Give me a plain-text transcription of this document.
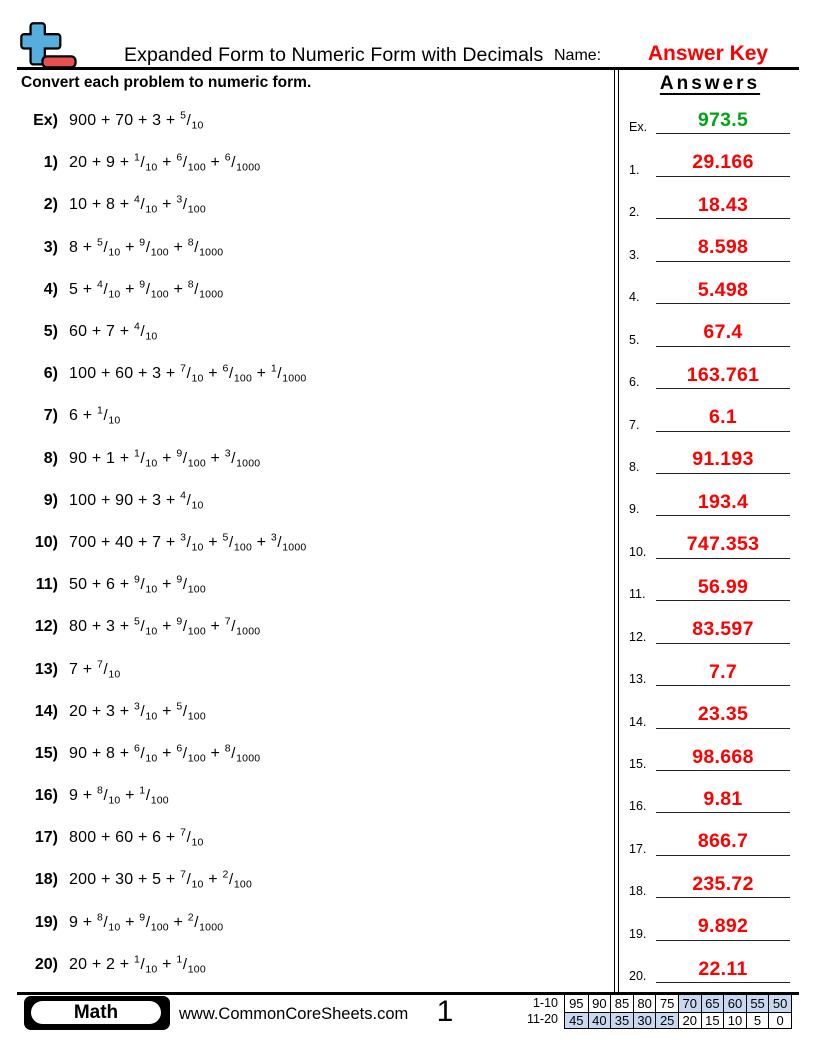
Expanded Form to Numeric Form with Decimals Name:	Answer Key
Convert each problem to numeric form.	Answers
Ex) $900 + 70 + 3 + ^5/_{10}$
1) $20 + 9 + ^1/_{10} + ^6/_{100} + ^6/_{1000}$
2) $10 + 8 + ^4/_{10} + ^3/_{100}$
3) $8 + ^5/_{10} + ^9/_{100} + ^8/_{1000}$
4) $5 + ^4/_{10} + ^9/_{100} + ^8/_{1000}$
5) $60 + 7 + ^4/_{10}$
6) $100 + 60 + 3 + ^7/_{10} + ^6/_{100} + ^1/_{1000}$
7) $6 + ^1/_{10}$
8) $90 + 1 + ^1/_{10} + ^9/_{100} + ^3/_{1000}$
9) $100 + 90 + 3 + ^4/_{10}$
10) $700 + 40 + 7 + ^3/_{10} + ^5/_{100} + ^3/_{1000}$
11) $50 + 6 + ^9/_{10} + ^9/_{100}$
12) $80 + 3 + ^5/_{10} + ^9/_{100} + ^7/_{1000}$
13) $7 + ^7/_{10}$
14) $20 + 3 + ^3/_{10} + ^5/_{100}$
15) $90 + 8 + ^6/_{10} + ^6/_{100} + ^8/_{1000}$
16) $9 + ^8/_{10} + ^1/_{100}$
17) $800 + 60 + 6 + ^7/_{10}$
18) $200 + 30 + 5 + ^7/_{10} + ^2/_{100}$
19) $9 + ^8/_{10} + ^9/_{100} + ^2/_{1000}$
20) $20 + 2 + ^1/_{10} + ^1/_{100}$
Ex.	973.5
1.	29.166
2.	18.43
3.	8.598
4.	5.498
5.	67.4
6. 163.761
7.	6.1
8.	91.193
9.	193.4
10. 747.353
11.	56.99
12. 83.597
13.	7.7
14.	23.35
15. 98.668
16.	9.81
17.	866.7
18. 235.72
19.	9.892
20.	22.11
Math	www.CommonCoreSheets.com 1	1-10
11-20
95 90 85 80 75 70 65 60 55 50
45 40 35 30 25 20 15 10 5	0
